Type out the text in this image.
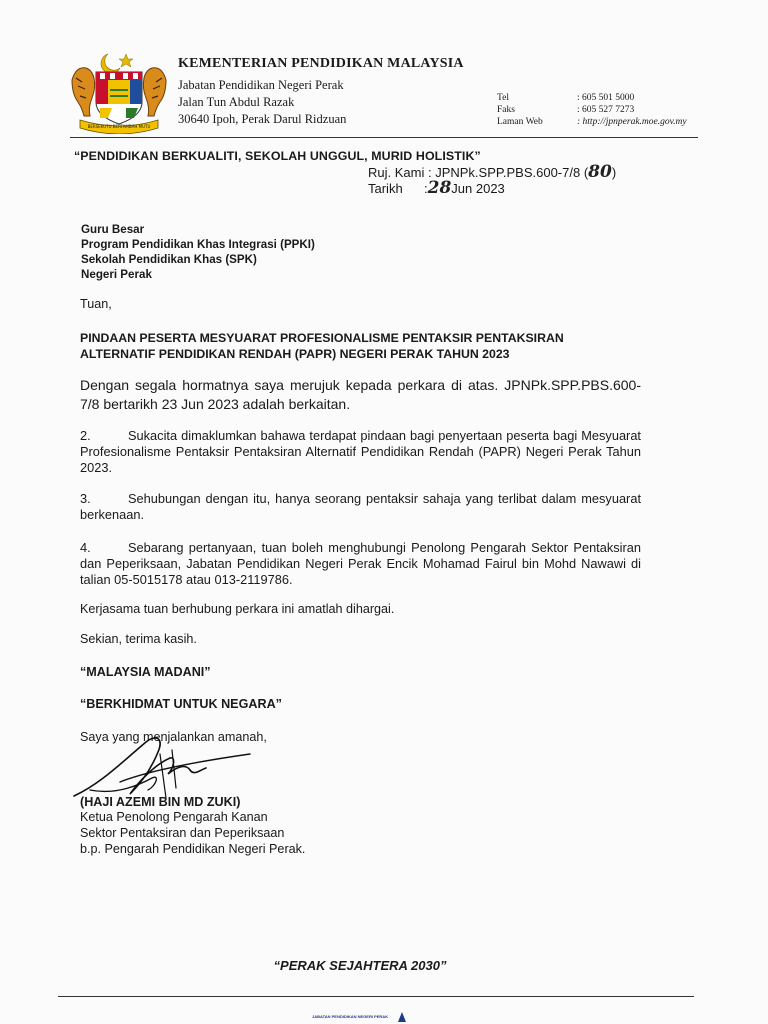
BERSEKUTU BERTAMBAH MUTU
KEMENTERIAN PENDIDIKAN MALAYSIA
Jabatan Pendidikan Negeri Perak
Jalan Tun Abdul Razak
30640 Ipoh, Perak Darul Ridzuan
Tel	: 605 501 5000
Faks	: 605 527 7273
Laman Web	: http://jpnperak.moe.gov.my
“PENDIDIKAN BERKUALITI, SEKOLAH UNGGUL, MURID HOLISTIK”
Ruj. Kami : JPNPk.SPP.PBS.600-7/8 (80)
Tarikh :28Jun 2023
Guru Besar
Program Pendidikan Khas Integrasi (PPKI)
Sekolah Pendidikan Khas (SPK)
Negeri Perak
Tuan,
PINDAAN PESERTA MESYUARAT PROFESIONALISME PENTAKSIR PENTAKSIRAN
ALTERNATIF PENDIDIKAN RENDAH (PAPR) NEGERI PERAK TAHUN 2023
Dengan segala hormatnya saya merujuk kepada perkara di atas. JPNPk.SPP.PBS.600-7/8 bertarikh 23 Jun 2023 adalah berkaitan.
2.	Sukacita dimaklumkan bahawa terdapat pindaan bagi penyertaan peserta bagi Mesyuarat Profesionalisme Pentaksir Pentaksiran Alternatif Pendidikan Rendah (PAPR) Negeri Perak Tahun 2023.
3.	Sehubungan dengan itu, hanya seorang pentaksir sahaja yang terlibat dalam mesyuarat berkenaan.
4.	Sebarang pertanyaan, tuan boleh menghubungi Penolong Pengarah Sektor Pentaksiran dan Peperiksaan, Jabatan Pendidikan Negeri Perak Encik Mohamad Fairul bin Mohd Nawawi di talian 05-5015178 atau 013-2119786.
Kerjasama tuan berhubung perkara ini amatlah dihargai.
Sekian, terima kasih.
“MALAYSIA MADANI”
“BERKHIDMAT UNTUK NEGARA”
Saya yang menjalankan amanah,
(HAJI AZEMI BIN MD ZUKI)
Ketua Penolong Pengarah Kanan
Sektor Pentaksiran dan Peperiksaan
b.p. Pengarah Pendidikan Negeri Perak.
“PERAK SEJAHTERA 2030”
JABATAN PENDIDIKAN NEGERI PERAK
